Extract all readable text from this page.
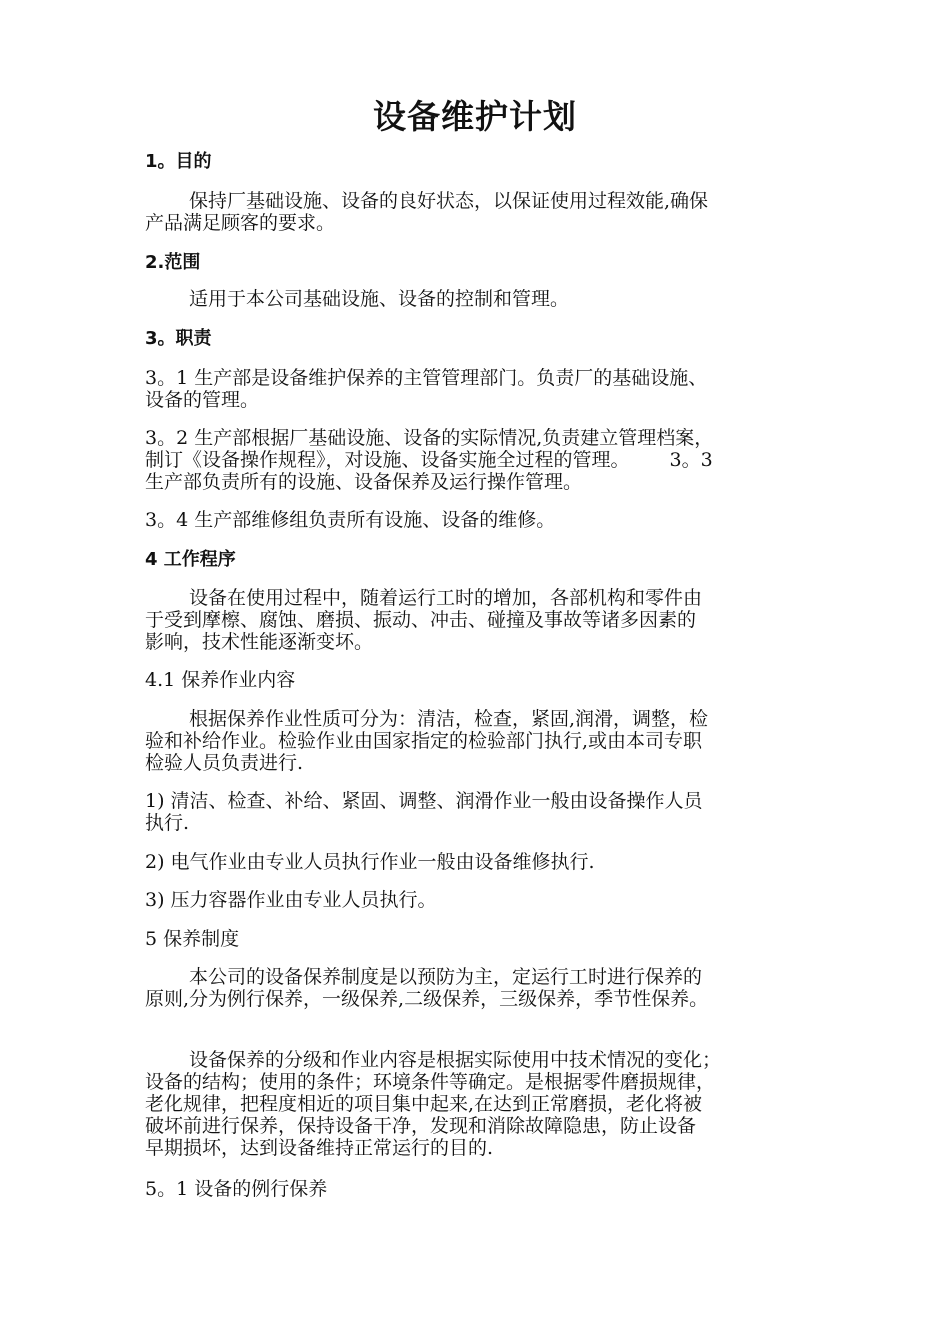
设备维护计划
1。目的
保持厂基础设施、设备的良好状态，以保证使用过程效能,确保
产品满足顾客的要求。
2.范围
适用于本公司基础设施、设备的控制和管理。
3。职责
3。1 生产部是设备维护保养的主管管理部门。负责厂的基础设施、
设备的管理。
3。2 生产部根据厂基础设施、设备的实际情况,负责建立管理档案，
制订《设备操作规程》，对设施、设备实施全过程的管理。 3。3
生产部负责所有的设施、设备保养及运行操作管理。
3。4 生产部维修组负责所有设施、设备的维修。
4 工作程序
设备在使用过程中，随着运行工时的增加，各部机构和零件由
于受到摩檫、腐蚀、磨损、振动、冲击、碰撞及事故等诸多因素的
影响，技术性能逐渐变坏。
4.1 保养作业内容
根据保养作业性质可分为：清洁，检查，紧固,润滑，调整，检
验和补给作业。检验作业由国家指定的检验部门执行,或由本司专职
检验人员负责进行.
1) 清洁、检查、补给、紧固、调整、润滑作业一般由设备操作人员
执行.
2) 电气作业由专业人员执行作业一般由设备维修执行.
3) 压力容器作业由专业人员执行。
5 保养制度
本公司的设备保养制度是以预防为主，定运行工时进行保养的
原则,分为例行保养，一级保养,二级保养，三级保养，季节性保养。
设备保养的分级和作业内容是根据实际使用中技术情况的变化；
设备的结构；使用的条件；环境条件等确定。是根据零件磨损规律，
老化规律，把程度相近的项目集中起来,在达到正常磨损，老化将被
破坏前进行保养，保持设备干净，发现和消除故障隐患，防止设备
早期损坏，达到设备维持正常运行的目的.
5。1 设备的例行保养
